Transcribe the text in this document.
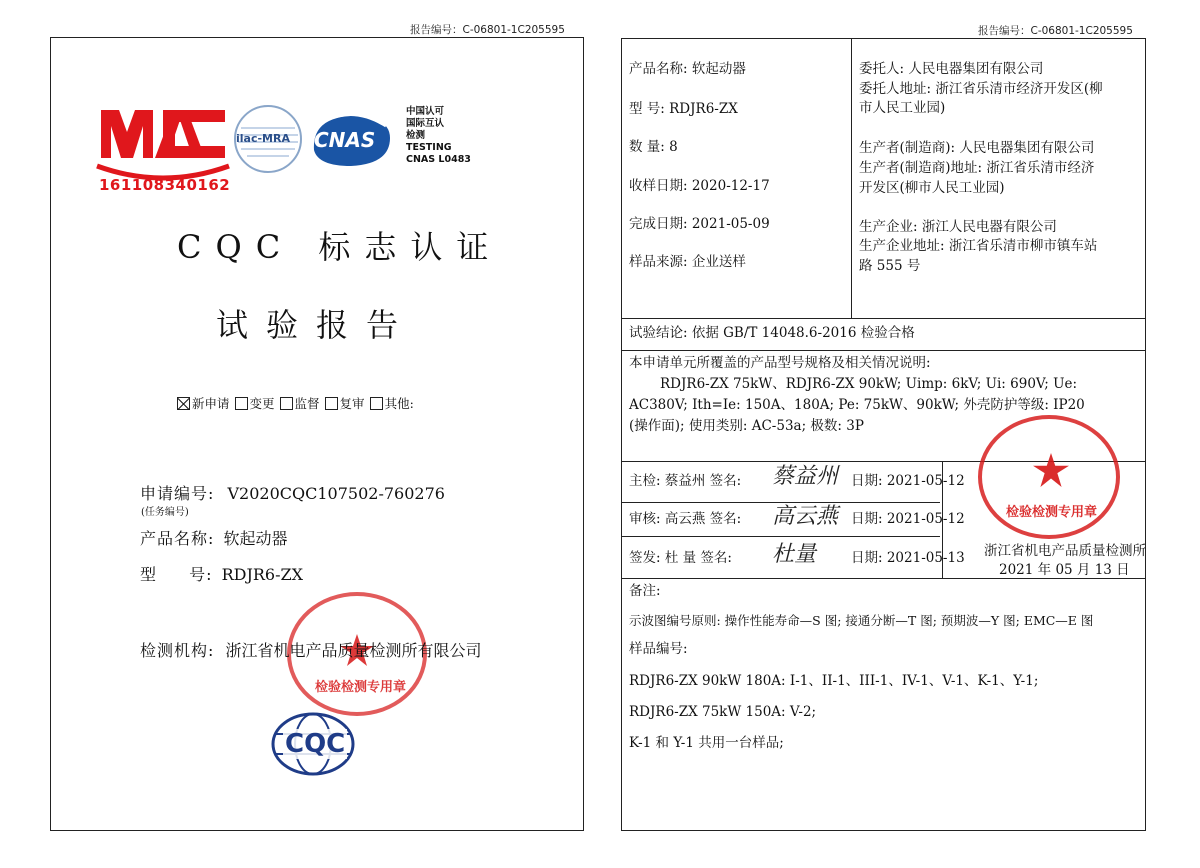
报告编号：C-06801-1C205595
161108340162
ilac-MRA CNAS
中国认可
国际互认
检测
TESTING
CNAS L0483
CQC 标志认证
试验报告
新申请 变更 监督 复审 其他:
申请编号: V2020CQC107502-760276
(任务编号)
产品名称: 软起动器
型 号: RDJR6-ZX
检验检测专用章
检测机构: 浙江省机电产品质量检测所有限公司
CQC
报告编号：C-06801-1C205595
产品名称: 软起动器
型 号: RDJR6-ZX
数 量: 8
收样日期: 2020-12-17
完成日期: 2021-05-09
样品来源: 企业送样
委托人: 人民电器集团有限公司
委托人地址: 浙江省乐清市经济开发区(柳
市人民工业园)
生产者(制造商): 人民电器集团有限公司
生产者(制造商)地址: 浙江省乐清市经济
开发区(柳市人民工业园)
生产企业: 浙江人民电器有限公司
生产企业地址: 浙江省乐清市柳市镇车站
路 555 号
试验结论: 依据 GB/T 14048.6-2016 检验合格
本申请单元所覆盖的产品型号规格及相关情况说明:
RDJR6-ZX 75kW、RDJR6-ZX 90kW; Uimp: 6kV; Ui: 690V; Ue:
AC380V; Ith=Ie: 150A、180A; Pe: 75kW、90kW; 外壳防护等级: IP20
(操作面); 使用类别: AC-53a; 极数: 3P
主检: 蔡益州 签名: 蔡益州 日期: 2021-05-12
审核: 高云燕 签名: 高云燕 日期: 2021-05-12
签发: 杜 量 签名: 杜量	日期: 2021-05-13
检验检测专用章
浙江省机电产品质量检测所
2021 年 05 月 13 日
备注:
示波图编号原则: 操作性能寿命—S 图; 接通分断—T 图; 预期波—Y 图; EMC—E 图
样品编号:
RDJR6-ZX 90kW 180A: I-1、II-1、III-1、IV-1、V-1、K-1、Y-1;
RDJR6-ZX 75kW 150A: V-2;
K-1 和 Y-1 共用一台样品;
